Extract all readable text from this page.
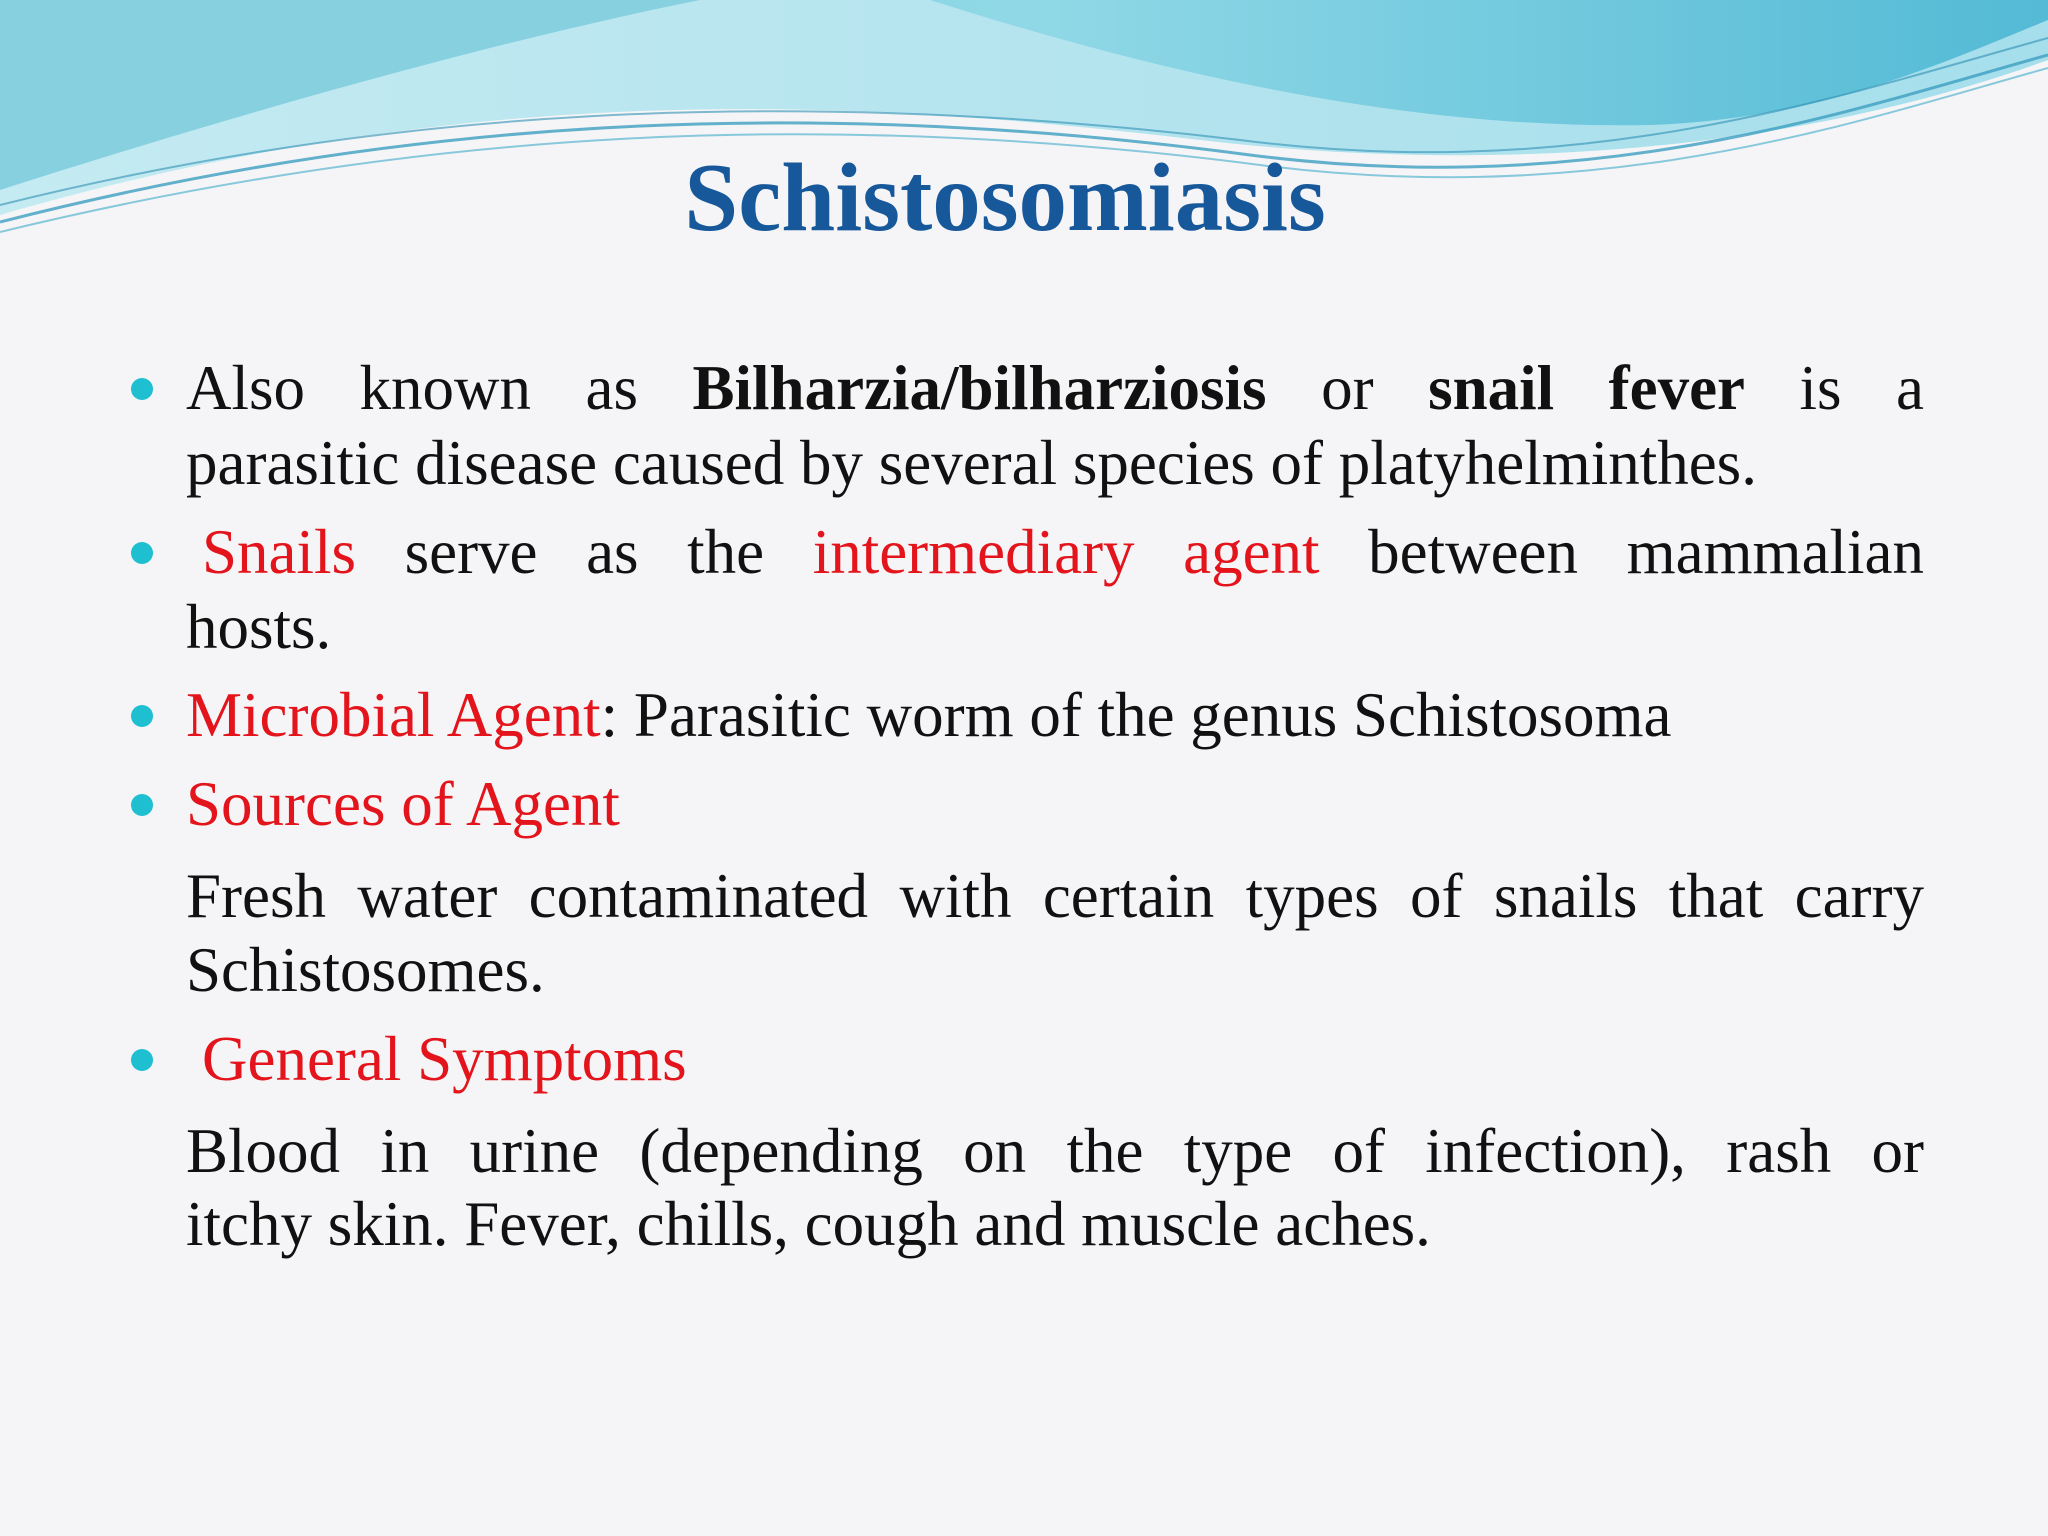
Schistosomiasis
Also known as Bilharzia/bilharziosis or snail fever is a
parasitic disease caused by several species of platyhelminthes.
Snails serve as the intermediary agent between mammalian
hosts.
Microbial Agent: Parasitic worm of the genus Schistosoma
Sources of Agent
Fresh water contaminated with certain types of snails that carry
Schistosomes.
General Symptoms
Blood in urine (depending on the type of infection), rash or
itchy skin. Fever, chills, cough and muscle aches.
